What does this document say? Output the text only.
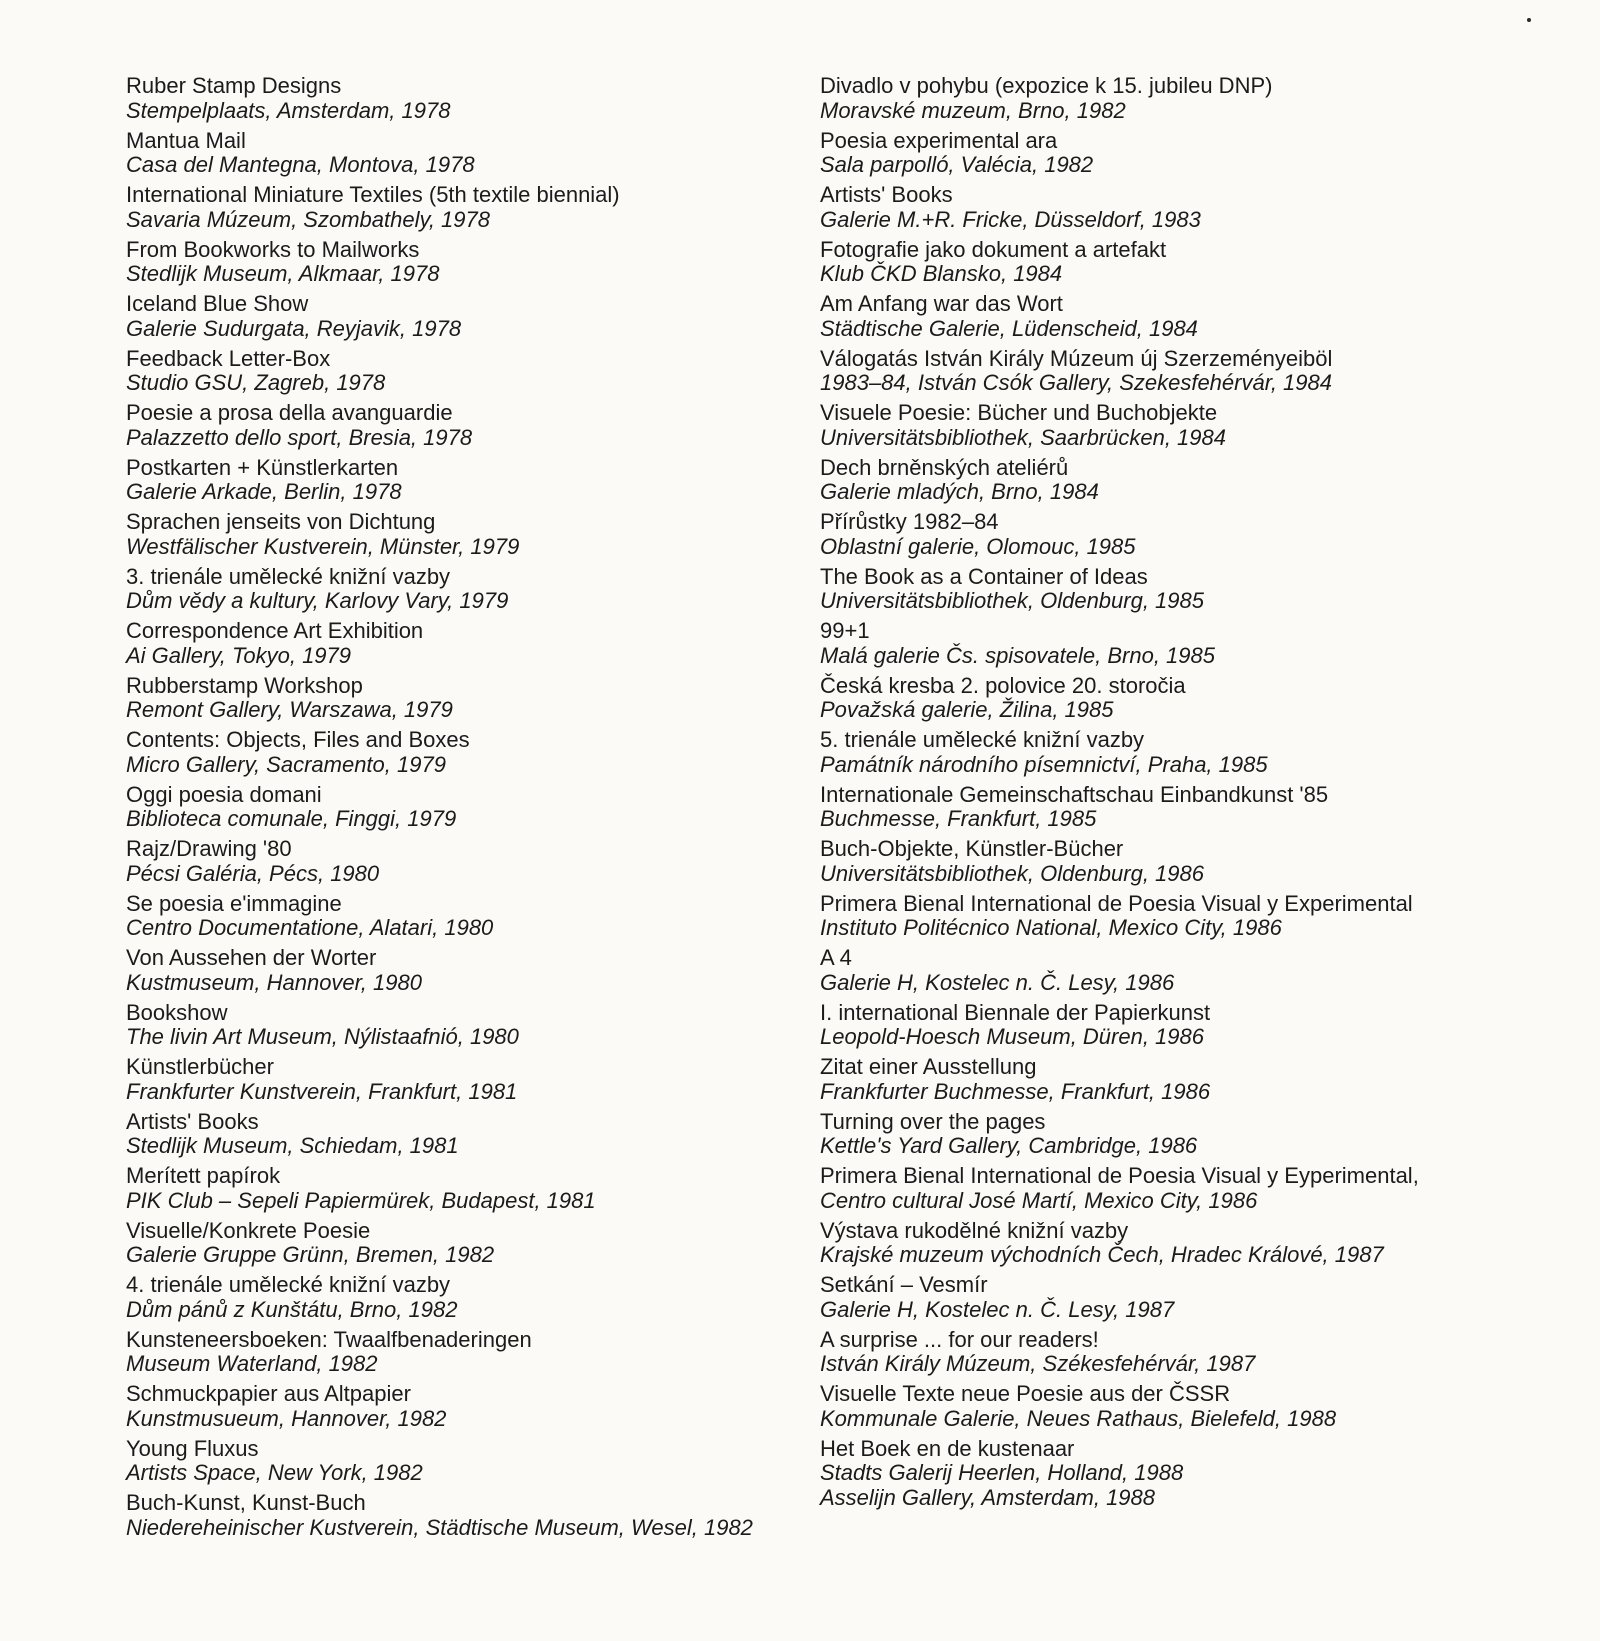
Ruber Stamp Designs
Stempelplaats, Amsterdam, 1978
Mantua Mail
Casa del Mantegna, Montova, 1978
International Miniature Textiles (5th textile biennial)
Savaria Múzeum, Szombathely, 1978
From Bookworks to Mailworks
Stedlijk Museum, Alkmaar, 1978
Iceland Blue Show
Galerie Sudurgata, Reyjavik, 1978
Feedback Letter-Box
Studio GSU, Zagreb, 1978
Poesie a prosa della avanguardie
Palazzetto dello sport, Bresia, 1978
Postkarten + Künstlerkarten
Galerie Arkade, Berlin, 1978
Sprachen jenseits von Dichtung
Westfälischer Kustverein, Münster, 1979
3. trienále umělecké knižní vazby
Dům vědy a kultury, Karlovy Vary, 1979
Correspondence Art Exhibition
Ai Gallery, Tokyo, 1979
Rubberstamp Workshop
Remont Gallery, Warszawa, 1979
Contents: Objects, Files and Boxes
Micro Gallery, Sacramento, 1979
Oggi poesia domani
Biblioteca comunale, Finggi, 1979
Rajz/Drawing '80
Pécsi Galéria, Pécs, 1980
Se poesia e'immagine
Centro Documentatione, Alatari, 1980
Von Aussehen der Worter
Kustmuseum, Hannover, 1980
Bookshow
The livin Art Museum, Nýlistaafnió, 1980
Künstlerbücher
Frankfurter Kunstverein, Frankfurt, 1981
Artists' Books
Stedlijk Museum, Schiedam, 1981
Merített papírok
PIK Club – Sepeli Papiermürek, Budapest, 1981
Visuelle/Konkrete Poesie
Galerie Gruppe Grünn, Bremen, 1982
4. trienále umělecké knižní vazby
Dům pánů z Kunštátu, Brno, 1982
Kunsteneersboeken: Twaalfbenaderingen
Museum Waterland, 1982
Schmuckpapier aus Altpapier
Kunstmusueum, Hannover, 1982
Young Fluxus
Artists Space, New York, 1982
Buch-Kunst, Kunst-Buch
Niedereheinischer Kustverein, Städtische Museum, Wesel, 1982
Divadlo v pohybu (expozice k 15. jubileu DNP)
Moravské muzeum, Brno, 1982
Poesia experimental ara
Sala parpolló, Valécia, 1982
Artists' Books
Galerie M.+R. Fricke, Düsseldorf, 1983
Fotografie jako dokument a artefakt
Klub ČKD Blansko, 1984
Am Anfang war das Wort
Städtische Galerie, Lüdenscheid, 1984
Válogatás István Király Múzeum új Szerzeményeiböl
1983–84, István Csók Gallery, Szekesfehérvár, 1984
Visuele Poesie: Bücher und Buchobjekte
Universitätsbibliothek, Saarbrücken, 1984
Dech brněnských ateliérů
Galerie mladých, Brno, 1984
Přírůstky 1982–84
Oblastní galerie, Olomouc, 1985
The Book as a Container of Ideas
Universitätsbibliothek, Oldenburg, 1985
99+1
Malá galerie Čs. spisovatele, Brno, 1985
Česká kresba 2. polovice 20. storočia
Považská galerie, Žilina, 1985
5. trienále umělecké knižní vazby
Památník národního písemnictví, Praha, 1985
Internationale Gemeinschaftschau Einbandkunst '85
Buchmesse, Frankfurt, 1985
Buch-Objekte, Künstler-Bücher
Universitätsbibliothek, Oldenburg, 1986
Primera Bienal International de Poesia Visual y Experimental
Instituto Politécnico National, Mexico City, 1986
A 4
Galerie H, Kostelec n. Č. Lesy, 1986
I. international Biennale der Papierkunst
Leopold-Hoesch Museum, Düren, 1986
Zitat einer Ausstellung
Frankfurter Buchmesse, Frankfurt, 1986
Turning over the pages
Kettle's Yard Gallery, Cambridge, 1986
Primera Bienal International de Poesia Visual y Eyperimental,
Centro cultural José Martí, Mexico City, 1986
Výstava rukodělné knižní vazby
Krajské muzeum východních Čech, Hradec Králové, 1987
Setkání – Vesmír
Galerie H, Kostelec n. Č. Lesy, 1987
A surprise ... for our readers!
István Király Múzeum, Székesfehérvár, 1987
Visuelle Texte neue Poesie aus der ČSSR
Kommunale Galerie, Neues Rathaus, Bielefeld, 1988
Het Boek en de kustenaar
Stadts Galerij Heerlen, Holland, 1988
Asselijn Gallery, Amsterdam, 1988
